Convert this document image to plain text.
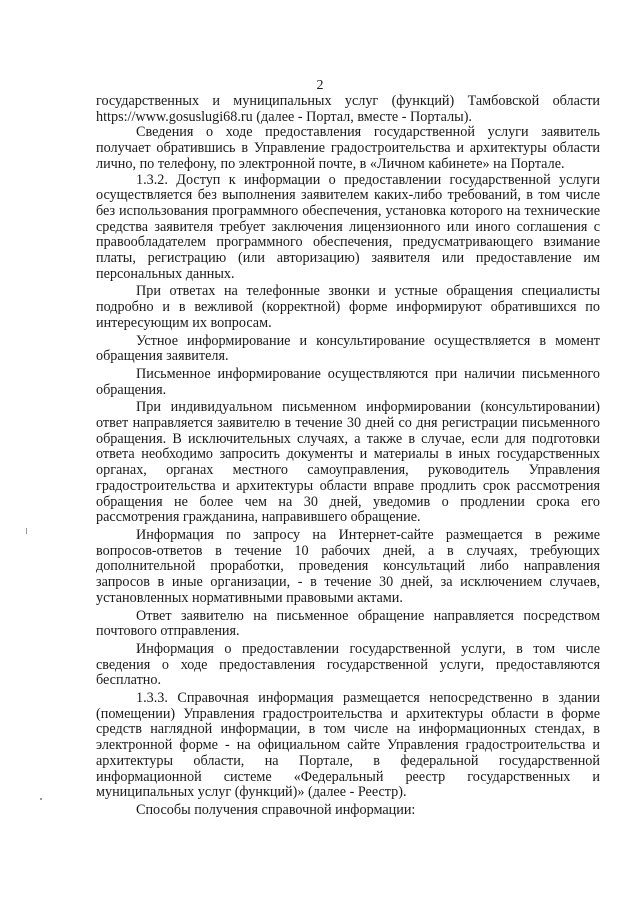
2

государственных и муниципальных услуг (функций) Тамбовской области https://www.gosuslugi68.ru (далее - Портал, вместе - Порталы).

Сведения о ходе предоставления государственной услуги заявитель получает обратившись в Управление градостроительства и архитектуры области лично, по телефону, по электронной почте, в «Личном кабинете» на Портале.

1.3.2. Доступ к информации о предоставлении государственной услуги осуществляется без выполнения заявителем каких-либо требований, в том числе без использования программного обеспечения, установка которого на технические средства заявителя требует заключения лицензионного или иного соглашения с правообладателем программного обеспечения, предусматривающего взимание платы, регистрацию (или авторизацию) заявителя или предоставление им персональных данных.

При ответах на телефонные звонки и устные обращения специалисты подробно и в вежливой (корректной) форме информируют обратившихся по интересующим их вопросам.

Устное информирование и консультирование осуществляется в момент обращения заявителя.

Письменное информирование осуществляются при наличии письменного обращения.

При индивидуальном письменном информировании (консультировании) ответ направляется заявителю в течение 30 дней со дня регистрации письменного обращения. В исключительных случаях, а также в случае, если для подготовки ответа необходимо запросить документы и материалы в иных государственных органах, органах местного самоуправления, руководитель Управления градостроительства и архитектуры области вправе продлить срок рассмотрения обращения не более чем на 30 дней, уведомив о продлении срока его рассмотрения гражданина, направившего обращение.

Информация по запросу на Интернет-сайте размещается в режиме вопросов-ответов в течение 10 рабочих дней, а в случаях, требующих дополнительной проработки, проведения консультаций либо направления запросов в иные организации, - в течение 30 дней, за исключением случаев, установленных нормативными правовыми актами.

Ответ заявителю на письменное обращение направляется посредством почтового отправления.

Информация о предоставлении государственной услуги, в том числе сведения о ходе предоставления государственной услуги, предоставляются бесплатно.

1.3.3. Справочная информация размещается непосредственно в здании (помещении) Управления градостроительства и архитектуры области в форме средств наглядной информации, в том числе на информационных стендах, в электронной форме - на официальном сайте Управления градостроительства и архитектуры области, на Портале, в федеральной государственной информационной системе «Федеральный реестр государственных и муниципальных услуг (функций)» (далее - Реестр).

Способы получения справочной информации:
